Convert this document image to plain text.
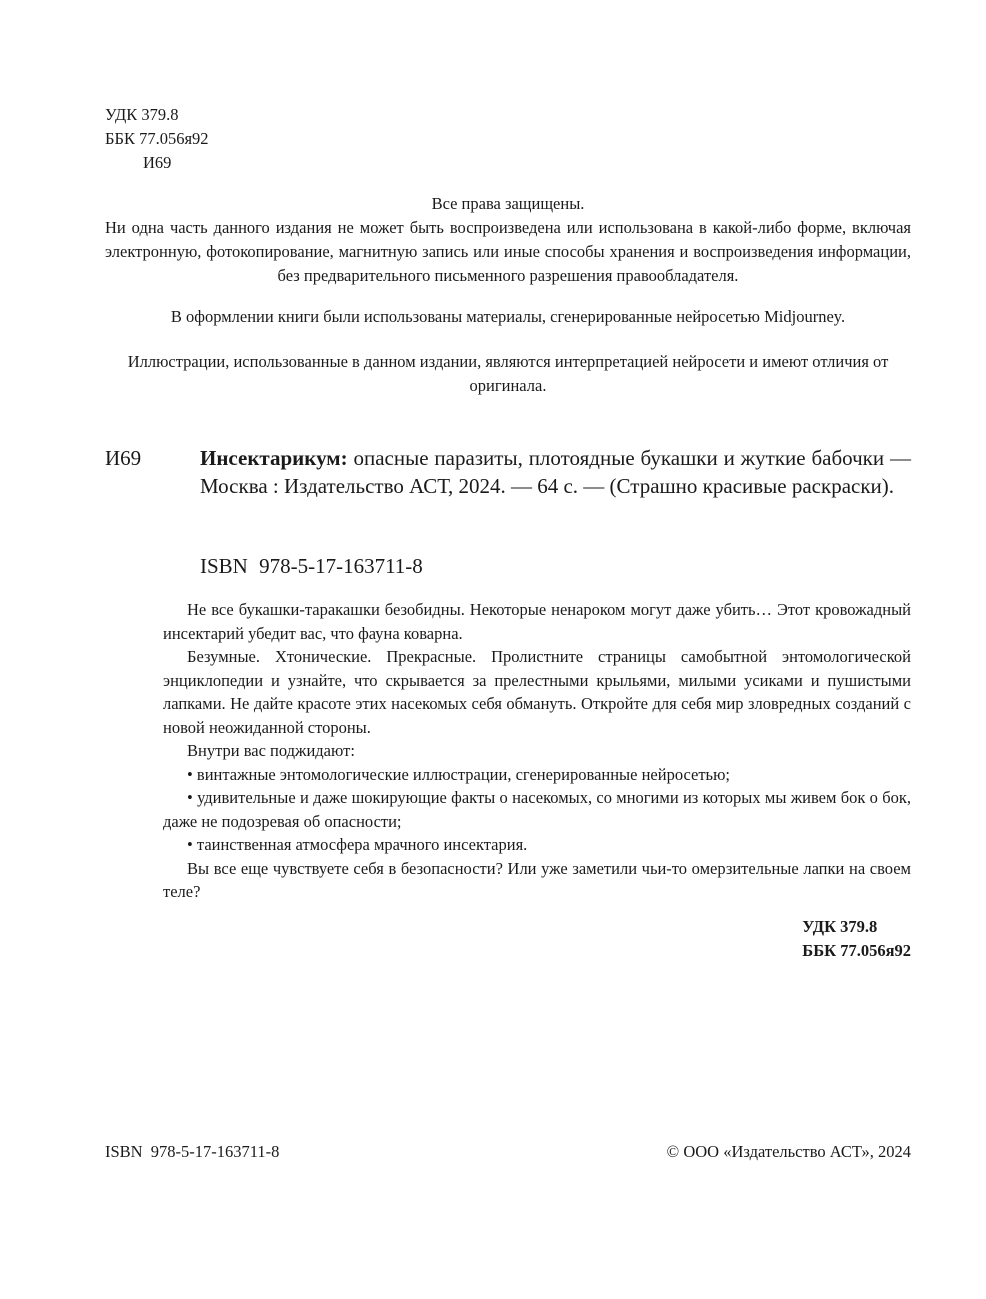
УДК 379.8
ББК 77.056я92
И69

Все права защищены.

Ни одна часть данного издания не может быть воспроизведена или использована в какой-либо форме, включая электронную, фотокопирование, магнитную запись или иные способы хранения и воспроизведения информации, без предварительного письменного разрешения правообладателя.

В оформлении книги были использованы материалы, сгенерированные нейросетью Midjourney.

Иллюстрации, использованные в данном издании, являются интерпретацией нейросети и имеют отличия от оригинала.

И69	Инсектарикум: опасные паразиты, плотоядные букашки и жуткие бабочки — Москва : Издательство АСТ, 2024. — 64 с. — (Страшно красивые раскраски).

ISBN 978-5-17-163711-8

Не все букашки-таракашки безобидны. Некоторые ненароком могут даже убить… Этот кровожадный инсектарий убедит вас, что фауна коварна.

Безумные. Хтонические. Прекрасные. Пролистните страницы самобытной энтомологической энциклопедии и узнайте, что скрывается за прелестными крыльями, милыми усиками и пушистыми лапками. Не дайте красоте этих насекомых себя обмануть. Откройте для себя мир зловредных созданий с новой неожиданной стороны.

Внутри вас поджидают:

• винтажные энтомологические иллюстрации, сгенерированные нейросетью;

• удивительные и даже шокирующие факты о насекомых, со многими из которых мы живем бок о бок, даже не подозревая об опасности;

• таинственная атмосфера мрачного инсектария.

Вы все еще чувствуете себя в безопасности? Или уже заметили чьи-то омерзительные лапки на своем теле?

УДК 379.8
ББК 77.056я92
ISBN 978-5-17-163711-8	© ООО «Издательство АСТ», 2024
